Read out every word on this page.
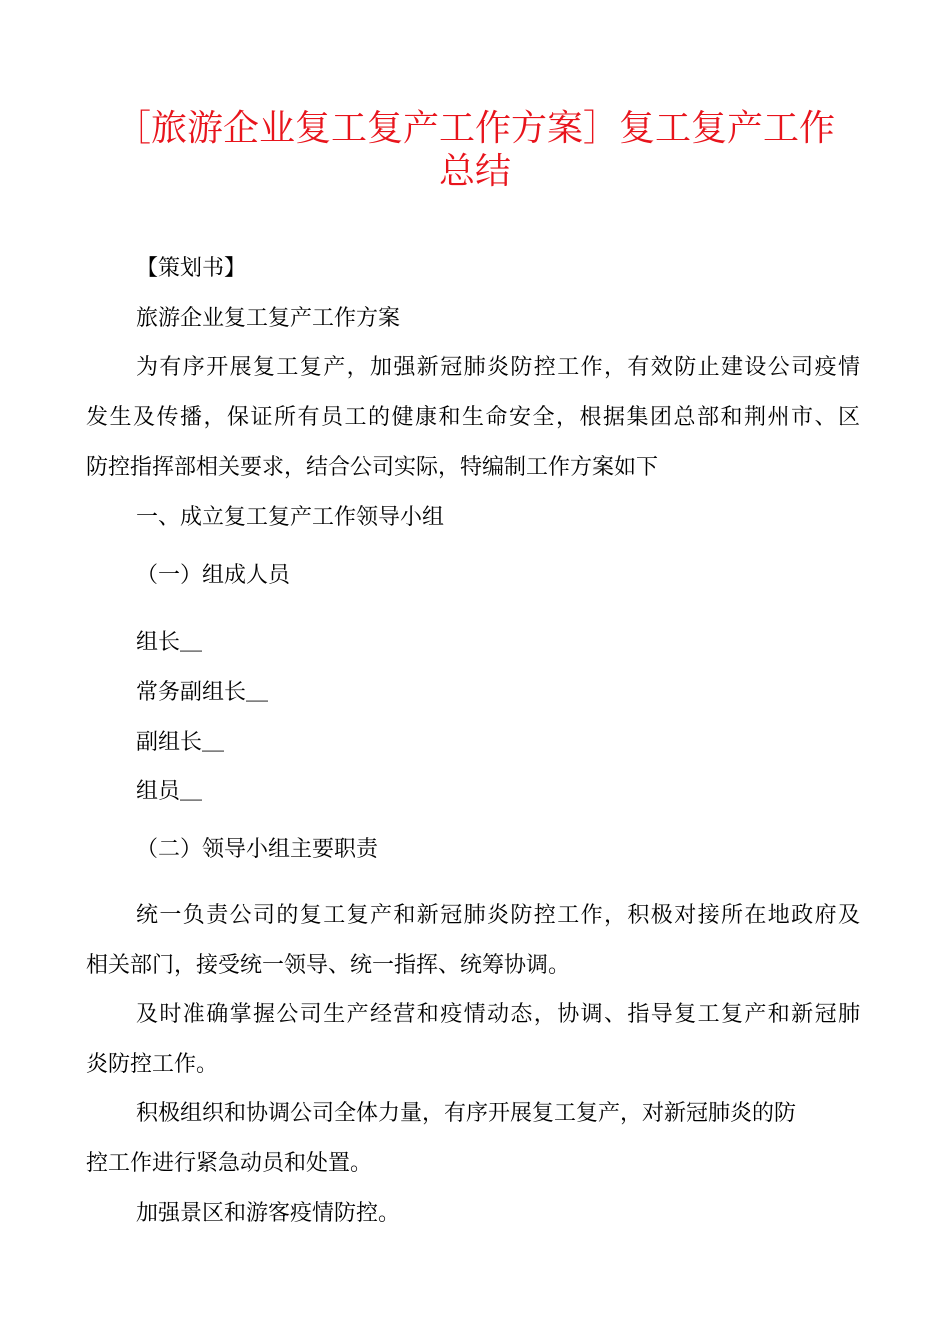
［旅游企业复工复产工作方案］复工复产工作
总结

【策划书】

旅游企业复工复产工作方案

为有序开展复工复产，加强新冠肺炎防控工作，有效防止建设公司疫情

发生及传播，保证所有员工的健康和生命安全，根据集团总部和荆州市、区

防控指挥部相关要求，结合公司实际，特编制工作方案如下

一、成立复工复产工作领导小组

（一）组成人员

组长＿

常务副组长＿

副组长＿

组员＿

（二）领导小组主要职责

统一负责公司的复工复产和新冠肺炎防控工作，积极对接所在地政府及

相关部门，接受统一领导、统一指挥、统筹协调。

及时准确掌握公司生产经营和疫情动态，协调、指导复工复产和新冠肺

炎防控工作。

积极组织和协调公司全体力量，有序开展复工复产，对新冠肺炎的防

控工作进行紧急动员和处置。

加强景区和游客疫情防控。
